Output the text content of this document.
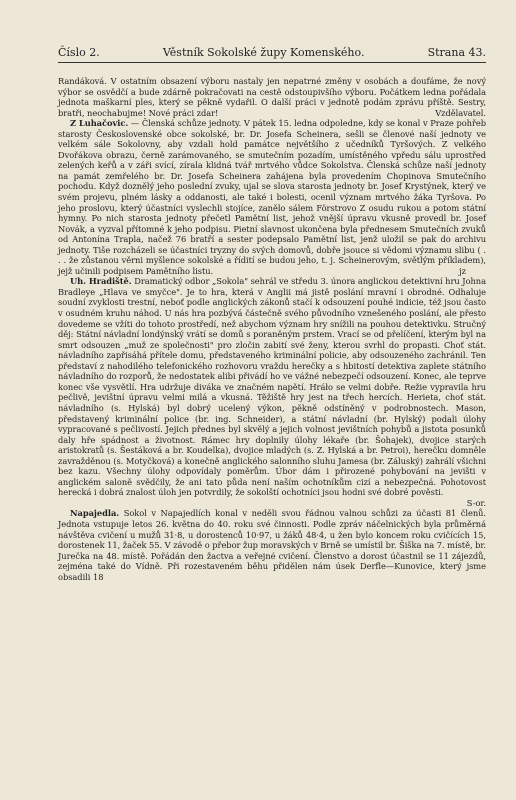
Číslo 2.	Věstník Sokolské župy Komenského.	Strana 43.

Randáková. V ostatním obsazení výboru nastaly jen nepatrné změny v osobách a doufáme, že nový výbor se osvědčí a bude zdárně pokračovati na cestě odstoupivšího výboru. Počátkem ledna pořádala jednota maškarní ples, který se pěkně vydařil. O další práci v jednotě podám zprávu příště. Sestry, bratři, neochabujme! Nové práci zdar!	Vzdělavatel.

Z Luhačovic. — Členská schůze jednoty. V pátek 15. ledna odpoledne, kdy se konal v Praze pohřeb starosty Československé obce sokolské, br. Dr. Josefa Scheinera, sešli se členové naší jednoty ve velkém sále Sokolovny, aby vzdali hold památce největšího z učedníků Tyršových. Z velkého Dvořákova obrazu, černě zarámovaného, se smutečním pozadím, umístěného vpředu sálu uprostřed zelených keřů a v záři svící, zírala klidná tvář mrtvého vůdce Sokolstva. Členská schůze naší jednoty na památ zemřelého br. Dr. Josefa Scheinera zahájena byla provedením Chopinova Smutečního pochodu. Když doznělý jeho poslední zvuky, ujal se slova starosta jednoty br. Josef Krystýnek, který ve svém projevu, plném lásky a oddanosti, ale také i bolesti, ocenil význam mrtvého žáka Tyršova. Po jeho proslovu, který účastníci vyslechli stojíce, zanělo sálem Förstrovo Z osudu rukou a potom státní hymny. Po nich starosta jednoty přečetl Pamětní list, jehož vnější úpravu vkusně provedl br. Josef Novák, a vyzval přítomné k jeho podpisu. Pietní slavnost ukončena byla přednesem Smutečních zvuků od Antonína Trapla, načež 76 bratří a sester podepsalo Pamětní list, jenž uložil se pak do archivu jednoty. Tiše rozcházeli se účastníci tryzny do svých domovů, dobře jsouce si vědomi významu slibu ( . . . že zůstanou věrni myšlence sokolské a řídití se budou jeho, t. j. Scheinerovým, světlým příkladem), jejž učinili podpisem Pamětního listu.	jz

Uh. Hradiště. Dramatický odbor „Sokola" sehrál ve středu 3. února anglickou detektivní hru Johna Bradleye „Hlava ve smyčce". Je to hra, která v Anglii má jistě poslání mravní i obrodné. Odhaluje soudní zvyklosti trestní, neboť podle anglických zákonů stačí k odsouzení pouhé indicie, též jsou často v osudném kruhu náhod. U nás hra pozbývá částečně svého původního vznešeného poslání, ale přesto dovedeme se vžíti do tohoto prostředí, než abychom význam hry snížili na pouhou detektivku. Stručný děj: Státní návladní londýnský vrátí se domů s poraněným prstem. Vrací se od přelíčení, kterým byl na smrt odsouzen „muž ze společnosti" pro zločin zabití své ženy, kterou svrhl do propasti. Choť stát. návladního zapřisáhá přítele domu, představeného kriminální policie, aby odsouzeného zachránil. Ten představí z nahodilého telefonického rozhovoru vraždu herečky a s hbitostí detektiva zaplete státního návladního do rozporů, že nedostatek alibi přivádí ho ve vážné nebezpečí odsouzení. Konec, ale teprve konec vše vysvětlí. Hra udržuje diváka ve značném napětí. Hráło se velmi dobře. Režie vypravila hru pečlivě, jevištní úpravu velmi milá a vkusná. Těžiště hry jest na třech hercích. Herieta, choť stát. návladního (s. Hylská) byl dobrý ucelený výkon, pěkně odstíněný v podrobnostech. Mason, představený kriminální police (br. ing. Schneider), a státní návladní (br. Hylský) podali úlohy vypracované s pečlivostí. Jejich přednes byl skvělý a jejich volnost jevištních pohybů a jistota posunků daly hře spádnost a životnost. Rámec hry doplnily úlohy lékaře (br. Šohajek), dvojice starých aristokratů (s. Šestáková a br. Koudelka), dvojice mladých (s. Z. Hylská a br. Petroi), herečku domněle zavražděnou (s. Motyčková) a konečně anglického salonního sluhu Jamesa (br. Záluský) zahrálí všichni bez kazu. Všechny úlohy odpovídaly poměrům. Úbor dám i přirozené pohybování na jevišti v anglickém saloně svědčily, že ani tato půda není naším ochotníkům cizí a nebezpečná. Pohotovost herecká i dobrá znalost úloh jen potvrdily, že sokolští ochotníci jsou hodni své dobré pověsti.

S-or.

Napajedla. Sokol v Napajedlích konal v neděli svou řádnou valnou schůzi za účasti 81 členů. Jednota vstupuje letos 26. května do 40. roku své činnosti. Podle zpráv náčelnických byla průměrná návštěva cvičení u mužů 31·8, u dorostenců 10·97, u žáků 48·4, u žen bylo koncem roku cvičících 15, dorostenek 11, žaček 55. V závodě o přebor žup moravských v Brně se umístil br. Šiška na 7. místě, br. Jurečka na 48. místě. Pořádán den žactva a veřejné cvičení. Členstvo a dorost účastnil se 11 zájezdů, zejména také do Vídně. Při rozestaveném běhu přidělen nám úsek Derfle—Kunovice, který jsme obsadili 18
